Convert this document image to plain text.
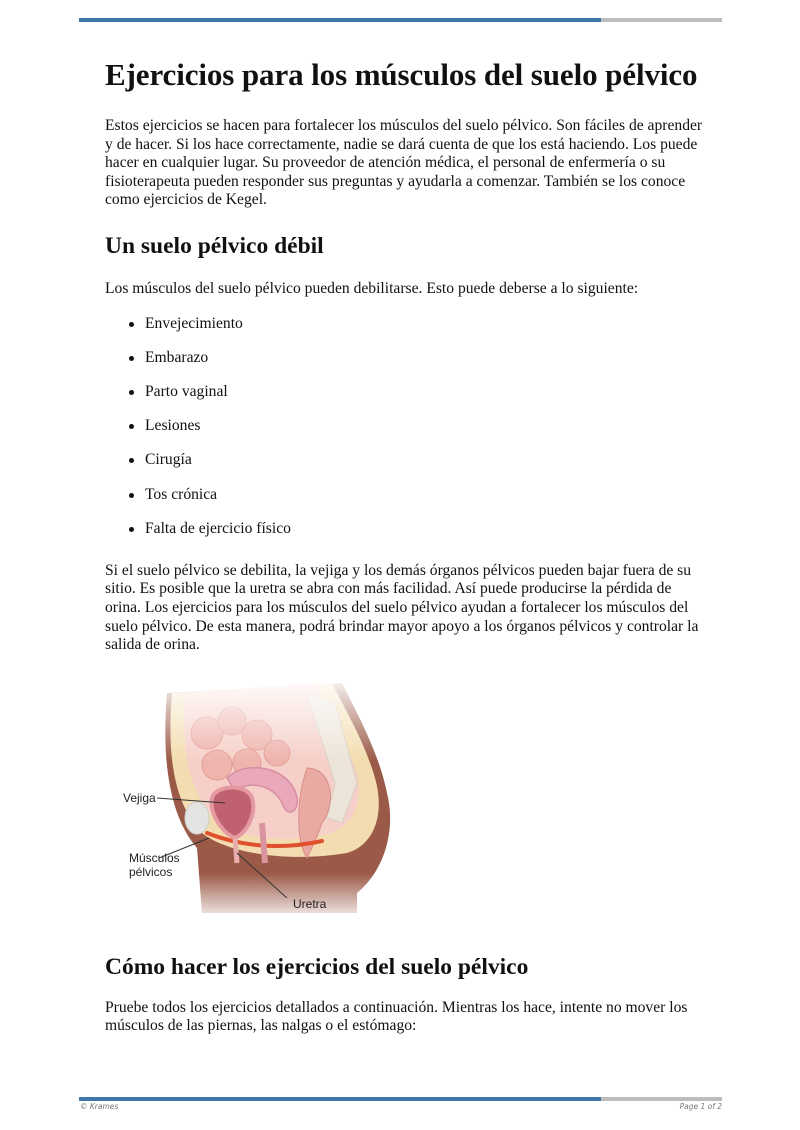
Ejercicios para los músculos del suelo pélvico

Estos ejercicios se hacen para fortalecer los músculos del suelo pélvico. Son fáciles de aprender y de hacer. Si los hace correctamente, nadie se dará cuenta de que los está haciendo. Los puede hacer en cualquier lugar. Su proveedor de atención médica, el personal de enfermería o su fisioterapeuta pueden responder sus preguntas y ayudarla a comenzar. También se los conoce como ejercicios de Kegel.

Un suelo pélvico débil

Los músculos del suelo pélvico pueden debilitarse. Esto puede deberse a lo siguiente:

Envejecimiento
Embarazo
Parto vaginal
Lesiones
Cirugía
Tos crónica
Falta de ejercicio físico

Si el suelo pélvico se debilita, la vejiga y los demás órganos pélvicos pueden bajar fuera de su sitio. Es posible que la uretra se abra con más facilidad. Así puede producirse la pérdida de orina. Los ejercicios para los músculos del suelo pélvico ayudan a fortalecer los músculos del suelo pélvico. De esta manera, podrá brindar mayor apoyo a los órganos pélvicos y controlar la salida de orina.

Vejiga
Músculos
pélvicos
Uretra
Cómo hacer los ejercicios del suelo pélvico

Pruebe todos los ejercicios detallados a continuación. Mientras los hace, intente no mover los músculos de las piernas, las nalgas o el estómago:

© Krames	Page 1 of 2
